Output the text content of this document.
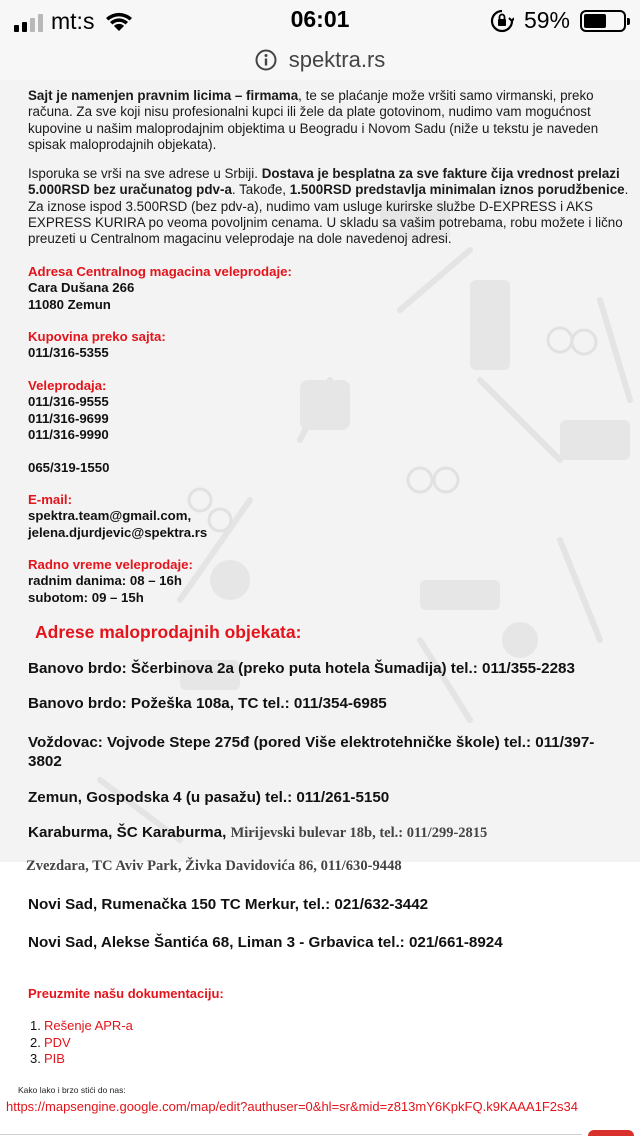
mt:s	06:01	59%
spektra.rs
Sajt je namenjen pravnim licima – firmama, te se plaćanje može vršiti samo virmanski, preko računa. Za sve koji nisu profesionalni kupci ili žele da plate gotovinom, nudimo vam mogućnost kupovine u našim maloprodajnim objektima u Beogradu i Novom Sadu (niže u tekstu je naveden spisak maloprodajnih objekata).
Isporuka se vrši na sve adrese u Srbiji. Dostava je besplatna za sve fakture čija vrednost prelazi 5.000RSD bez uračunatog pdv-a. Takođe, 1.500RSD predstavlja minimalan iznos porudžbenice. Za iznose ispod 3.500RSD (bez pdv-a), nudimo vam usluge kurirske službe D-EXPRESS i AKS EXPRESS KURIRA po veoma povoljnim cenama. U skladu sa vašim potrebama, robu možete i lično preuzeti u Centralnom magacinu veleprodaje na dole navedenoj adresi.
Adresa Centralnog magacina veleprodaje:
Cara Dušana 266
11080 Zemun
Kupovina preko sajta:
011/316-5355
Veleprodaja:
011/316-9555
011/316-9699
011/316-9990
065/319-1550
E-mail:
spektra.team@gmail.com,
jelena.djurdjevic@spektra.rs
Radno vreme veleprodaje:
radnim danima: 08 – 16h
subotom: 09 – 15h
Adrese maloprodajnih objekata:
Banovo brdo: Ščerbinova 2a (preko puta hotela Šumadija) tel.: 011/355-2283
Banovo brdo: Požeška 108a, TC tel.: 011/354-6985
Voždovac: Vojvode Stepe 275đ (pored Više elektrotehničke škole) tel.: 011/397-3802
Zemun, Gospodska 4 (u pasažu) tel.: 011/261-5150
Karaburma, ŠC Karaburma, Mirijevski bulevar 18b, tel.: 011/299-2815
Zvezdara, TC Aviv Park, Živka Davidovića 86, 011/630-9448
Novi Sad, Rumenačka 150 TC Merkur, tel.: 021/632-3442
Novi Sad, Alekse Šantića 68, Liman 3 - Grbavica tel.: 021/661-8924
Preuzmite našu dokumentaciju:
1. Rešenje APR-a
2. PDV
3. PIB
Kako lako i brzo stići do nas:
https://mapsengine.google.com/map/edit?authuser=0&hl=sr&mid=z813mY6KpkFQ.k9KAAA1F2s34
